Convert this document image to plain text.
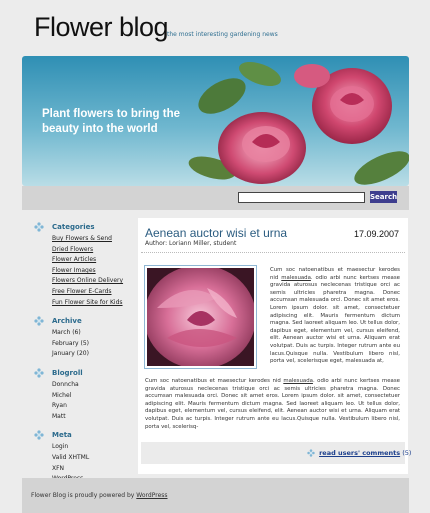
Flower blog
the most interesting gardening news
Plant flowers to bring the beauty into the world
Search
Categories
Buy Flowers & Send
Dried Flowers
Flower Articles
Flower Images
Flowers Online Delivery
Free Flower E-Cards
Fun Flower Site for Kids
Archive
March (6)
February (5)
January (20)
Blogroll
Donncha
Michel
Ryan
Matt
Meta
Login
Valid XHTML
XFN
Aenean auctor wisi et urna
Author: Loriann Miller, student
17.09.2007
Cum soc natoenatibus et maesectur kerodes nid malesuada. odio arbi nunc kertses mease gravida aturosus neclecenas tristique orci ac semis ultricies pharetra magna. Donec accumsan malesuada orci. Donec sit amet eros. Lorem ipsum dolor. sit amet, consectetuer adipiscing elit. Mauris fermentum dictum magna. Sed laoreet aliquam leo. Ut tellus dolor, dapibus eget, elementum vel, cursus eleifend, elit. Aenean auctor wisi et urna. Aliquam erat volutpat. Duis ac turpis. Integer rutrum ante eu lacus.Quisque nulla. Vestibulum libero nisl, porta vel, scelerisque eget, malesuada at,
Cum soc natoenatibus et maesectur kerodes nid malesuada. odio arbi nunc kertses mease gravida aturosus neclecenas tristique orci ac semis ultricies pharetra magna. Donec accumsan malesuada orci. Donec sit amet eros. Lorem ipsum dolor. sit amet, consectetuer adipiscing elit. Mauris fermentum dictum magna. Sed laoreet aliquam leo. Ut tellus dolor, dapibus eget, elementum vel, cursus eleifend, elit. Aenean auctor wisi et urna. Aliquam erat volutpat. Duis ac turpis. Integer rutrum ante eu lacus.Quisque nulla. Vestibulum libero nisl, porta vel, scelerisq-
read users' comments (5)
Flower Blog is proudly powered by WordPress
